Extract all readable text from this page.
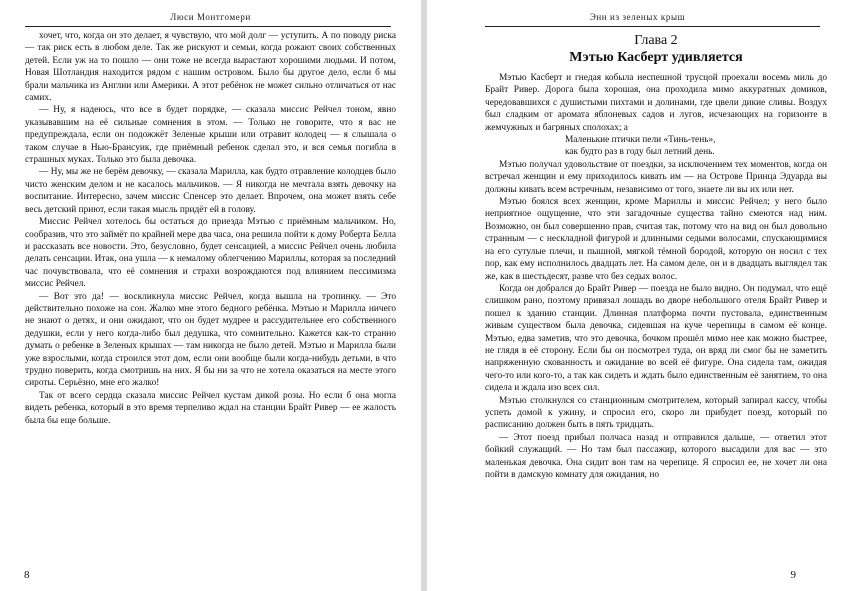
Люси Монтгомери

хочет, что, когда он это делает, я чувствую, что мой долг — уступить. А по поводу риска — так риск есть в любом деле. Так же рискуют и семьи, когда рожают своих собственных детей. Если уж на то пошло — они тоже не всегда вырастают хорошими людьми. И потом, Новая Шотландия находится рядом с нашим островом. Было бы другое дело, если б мы брали мальчика из Англии или Америки. А этот ребёнок не может сильно отличаться от нас самих.

— Ну, я надеюсь, что все в будет порядке, — сказала миссис Рейчел тоном, явно указывавшим на её сильные сомнения в этом. — Только не говорите, что я вас не предупреждала, если он подожжёт Зеленые крыши или отравит колодец — я слышала о таком случае в Нью-Брансуик, где приёмный ребенок сделал это, и вся семья погибла в страшных муках. Только это была девочка.

— Ну, мы же не берём девочку, — сказала Марилла, как будто отравление колодцев было чисто женским делом и не касалось мальчиков. — Я никогда не мечтала взять девочку на воспитание. Интересно, зачем миссис Спенсер это делает. Впрочем, она может взять себе весь детский приют, если такая мысль придёт ей в голову.

Миссис Рейчел хотелось бы остаться до приезда Мэтью с приёмным мальчиком. Но, сообразив, что это займёт по крайней мере два часа, она решила пойти к дому Роберта Белла и рассказать все новости. Это, безусловно, будет сенсацией, а миссис Рейчел очень любила делать сенсации. Итак, она ушла — к немалому облегчению Мариллы, которая за последний час почувствовала, что её сомнения и страхи возрождаются под влиянием пессимизма миссис Рейчел.

— Вот это да! — воскликнула миссис Рейчел, когда вышла на тропинку. — Это действительно похоже на сон. Жалко мне этого бедного ребёнка. Мэтью и Марилла ничего не знают о детях, и они ожидают, что он будет мудрее и рассудительнее его собственного дедушки, если у него когда-либо был дедушка, что сомнительно. Кажется как-то странно думать о ребенке в Зеленых крышах — там никогда не было детей. Мэтью и Марилла были уже взрослыми, когда строился этот дом, если они вообще были когда-нибудь детьми, в что трудно поверить, когда смотришь на них. Я бы ни за что не хотела оказаться на месте этого сироты. Серьёзно, мне его жалко!

Так от всего сердца сказала миссис Рейчел кустам дикой розы. Но если б она могла видеть ребенка, который в это время терпеливо ждал на станции Брайт Ривер — ее жалость была бы еще больше.

8
Энн из зеленых крыш
Глава 2
Мэтью Касберт удивляется

Мэтью Касберт и гнедая кобыла неспешной трусцой проехали восемь миль до Брайт Ривер. Дорога была хорошая, она проходила мимо аккуратных домиков, чередовавшихся с душистыми пихтами и долинами, где цвели дикие сливы. Воздух был сладким от аромата яблоневых садов и лугов, исчезающих на горизонте в жемчужных и багряных сполохах; а

Маленькие птички пели «Тинь-тень»,
как будто раз в году был летний день.

Мэтью получал удовольствие от поездки, за исключением тех моментов, когда он встречал женщин и ему приходилось кивать им — на Острове Принца Эдуарда вы должны кивать всем встречным, независимо от того, знаете ли вы их или нет.

Мэтью боялся всех женщин, кроме Мариллы и миссис Рейчел; у него было неприятное ощущение, что эти загадочные существа тайно смеются над ним. Возможно, он был совершенно прав, считая так, потому что на вид он был довольно странным — с нескладной фигурой и длинными седыми волосами, спускающимися на его сутулые плечи, и пышной, мягкой тёмной бородой, которую он носил с тех пор, как ему исполнилось двадцать лет. На самом деле, он и в двадцать выглядел так же, как в шестьдесят, разве что без седых волос.

Когда он добрался до Брайт Ривер — поезда не было видно. Он подумал, что ещё слишком рано, поэтому привязал лошадь во дворе небольшого отеля Брайт Ривер и пошел к зданию станции. Длинная платформа почти пустовала, единственным живым существом была девочка, сидевшая на куче черепицы в самом её конце. Мэтью, едва заметив, что это девочка, бочком прошёл мимо нее как можно быстрее, не глядя в её сторону. Если бы он посмотрел туда, он вряд ли смог бы не заметить напряженную скованность и ожидание во всей её фигуре. Она сидела там, ожидая чего-то или кого-то, а так как сидеть и ждать было единственным её занятием, то она сидела и ждала изо всех сил.

Мэтью столкнулся со станционным смотрителем, который запирал кассу, чтобы успеть домой к ужину, и спросил его, скоро ли прибудет поезд, который по расписанию должен быть в пять тридцать.

— Этот поезд прибыл полчаса назад и отправился дальше, — ответил этот бойкий служащий. — Но там был пассажир, которого высадили для вас — это маленькая девочка. Она сидит вон там на черепице. Я спросил ее, не хочет ли она пойти в дамскую комнату для ожидания, но

9
